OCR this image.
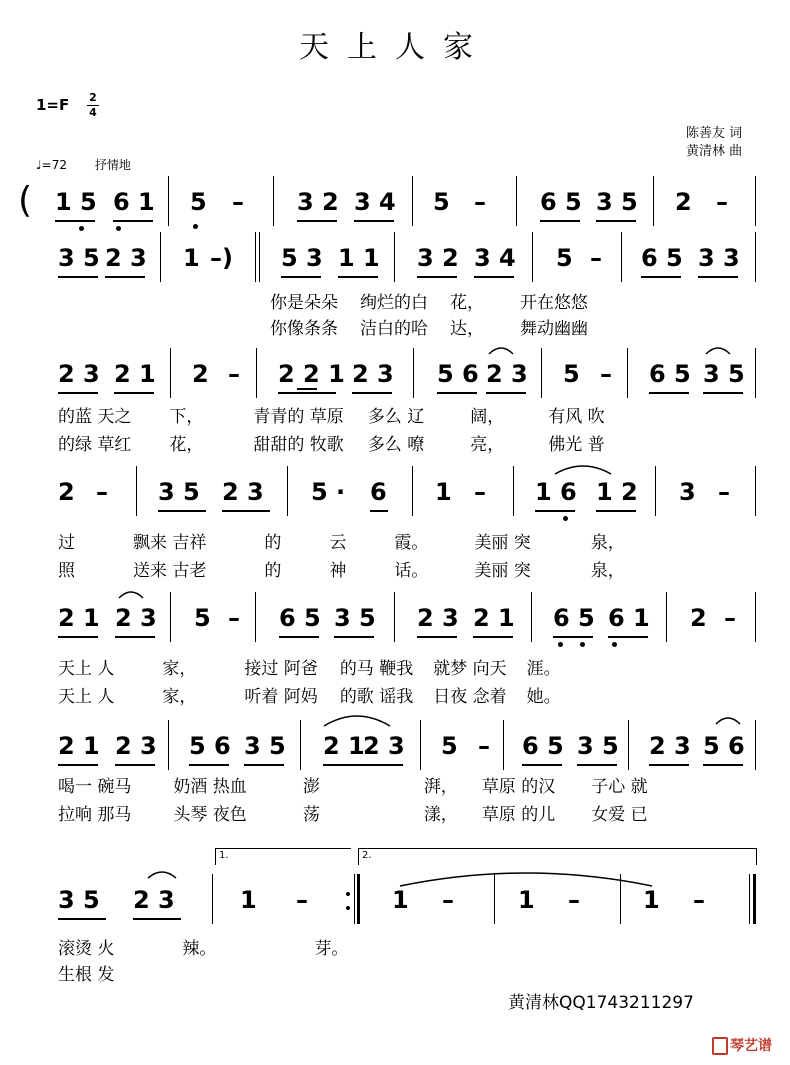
天上人家
1=F 2
4
♩=72 抒情地
陈善友 词
黄清林 曲
( 1 5 6 1 5 – 3 2 3 4 5 – 6 5 3 5 2 –
3 5 2 3 1 –) 5 3 1 1 3 2 3 4 5 – 6 5 3 3
你是朵朵 绚烂的白 花， 开在悠悠
你像条条 洁白的哈 达， 舞动幽幽
2 3 2 1 2 – 2 2 1 2 3 5 6 2 3 5 – 6 5 3 5
的蓝 天之 下，	青青的 草原 多么 辽	阔，	有风 吹
的绿 草红 花，	甜甜的 牧歌 多么 嘹	亮，	佛光 普
2 – 3 5 2 3 5 · 6 1 – 1 6 1 2 3 –
过	飘来 吉祥	的	云	霞。	美丽 突	泉，
照	送来 古老	的	神	话。	美丽 突	泉，
2 1 2 3 5 – 6 5 3 5 2 3 2 1 6 5 6 1 2 –
天上 人	家，	接过 阿爸 的马 鞭我 就梦 向天 涯。
天上 人	家，	听着 阿妈 的歌 谣我 日夜 念着 她。
2 1 2 3 5 6 3 5 2 1
2 3 5 – 6 5 3 5 2 3 5 6
喝一 碗马 奶酒 热血	澎	湃， 草原 的汉 子心 就
拉响 那马 头琴 夜色	荡	漾， 草原 的儿 女爱 已
1.	2.
3 5 2 3	1 –	1 –	1 –	1 –
滚烫 火	辣。	芽。
生根 发
黄清林QQ1743211297
琴艺谱
